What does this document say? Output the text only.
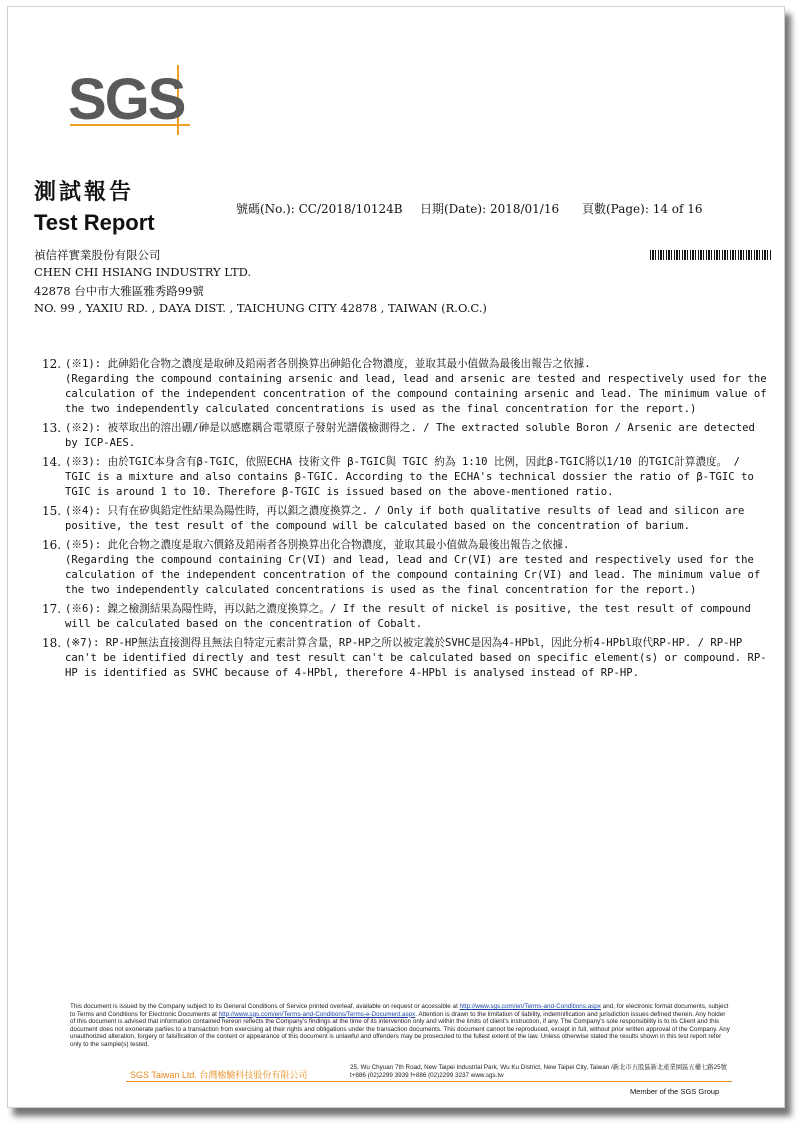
SGS
測試報告
Test Report
號碼(No.): CC/2018/10124B 日期(Date): 2018/01/16 頁數(Page): 14 of 16
禎信祥實業股份有限公司
CHEN CHI HSIANG INDUSTRY LTD.
42878 台中市大雅區雅秀路99號
NO. 99 , YAXIU RD. , DAYA DIST. , TAICHUNG CITY 42878 , TAIWAN (R.O.C.)
12. (※1): 此砷鉛化合物之濃度是取砷及鉛兩者各別換算出砷鉛化合物濃度，並取其最小值做為最後出報告之依據.

(Regarding the compound containing arsenic and lead, lead and arsenic are tested and respectively used for the calculation of the independent concentration of the compound containing arsenic and lead. The minimum value of the two independently calculated concentrations is used as the final concentration for the report.)

13. (※2): 被萃取出的溶出硼/砷是以感應耦合電漿原子發射光譜儀檢測得之. / The extracted soluble Boron / Arsenic are detected by ICP-AES.

14. (※3): 由於TGIC本身含有β-TGIC，依照ECHA 技術文件 β-TGIC與 TGIC 約為 1:10 比例，因此β-TGIC將以1/10 的TGIC計算濃度。 / TGIC is a mixture and also contains β-TGIC. According to the ECHA's technical dossier the ratio of β-TGIC to TGIC is around 1 to 10. Therefore β-TGIC is issued based on the above-mentioned ratio.

15. (※4): 只有在矽與鉛定性結果為陽性時，再以鋇之濃度換算之. / Only if both qualitative results of lead and silicon are positive, the test result of the compound will be calculated based on the concentration of barium.

16. (※5): 此化合物之濃度是取六價鉻及鉛兩者各別換算出化合物濃度，並取其最小值做為最後出報告之依據.

(Regarding the compound containing Cr(VI) and lead, lead and Cr(VI) are tested and respectively used for the calculation of the independent concentration of the compound containing Cr(VI) and lead. The minimum value of the two independently calculated concentrations is used as the final concentration for the report.)

17. (※6): 鎳之檢測結果為陽性時，再以鈷之濃度換算之。/ If the result of nickel is positive, the test result of compound will be calculated based on the concentration of Cobalt.

18. (※7): RP-HP無法直接測得且無法自特定元素計算含量，RP-HP之所以被定義於SVHC是因為4-HPbl，因此分析4-HPbl取代RP-HP. / RP-HP can't be identified directly and test result can't be calculated based on specific element(s) or compound. RP-HP is identified as SVHC because of 4-HPbl, therefore 4-HPbl is analysed instead of RP-HP.

This document is issued by the Company subject to its General Conditions of Service printed overleaf, available on request or accessible at http://www.sgs.com/en/Terms-and-Conditions.aspx and, for electronic format documents, subject to Terms and Conditions for Electronic Documents at http://www.sgs.com/en/Terms-and-Conditions/Terms-e-Document.aspx. Attention is drawn to the limitation of liability, indemnification and jurisdiction issues defined therein. Any holder of this document is advised that information contained hereon reflects the Company's findings at the time of its intervention only and within the limits of client's instruction, if any. The Company's sole responsibility is to its Client and this document does not exonerate parties to a transaction from exercising all their rights and obligations under the transaction documents. This document cannot be reproduced, except in full, without prior written approval of the Company. Any unauthorized alteration, forgery or falsification of the content or appearance of this document is unlawful and offenders may be prosecuted to the fullest extent of the law. Unless otherwise stated the results shown in this test report refer only to the sample(s) tested.
SGS Taiwan Ltd. 台灣檢驗科技股份有限公司
25, Wu Chyuan 7th Road, New Taipei Industrial Park, Wu Ku District, New Taipei City, Taiwan /新北市五股區新北產業園區五權七路25號
t+886 (02)2299 3939 f+886 (02)2299 3237 www.sgs.tw
Member of the SGS Group
